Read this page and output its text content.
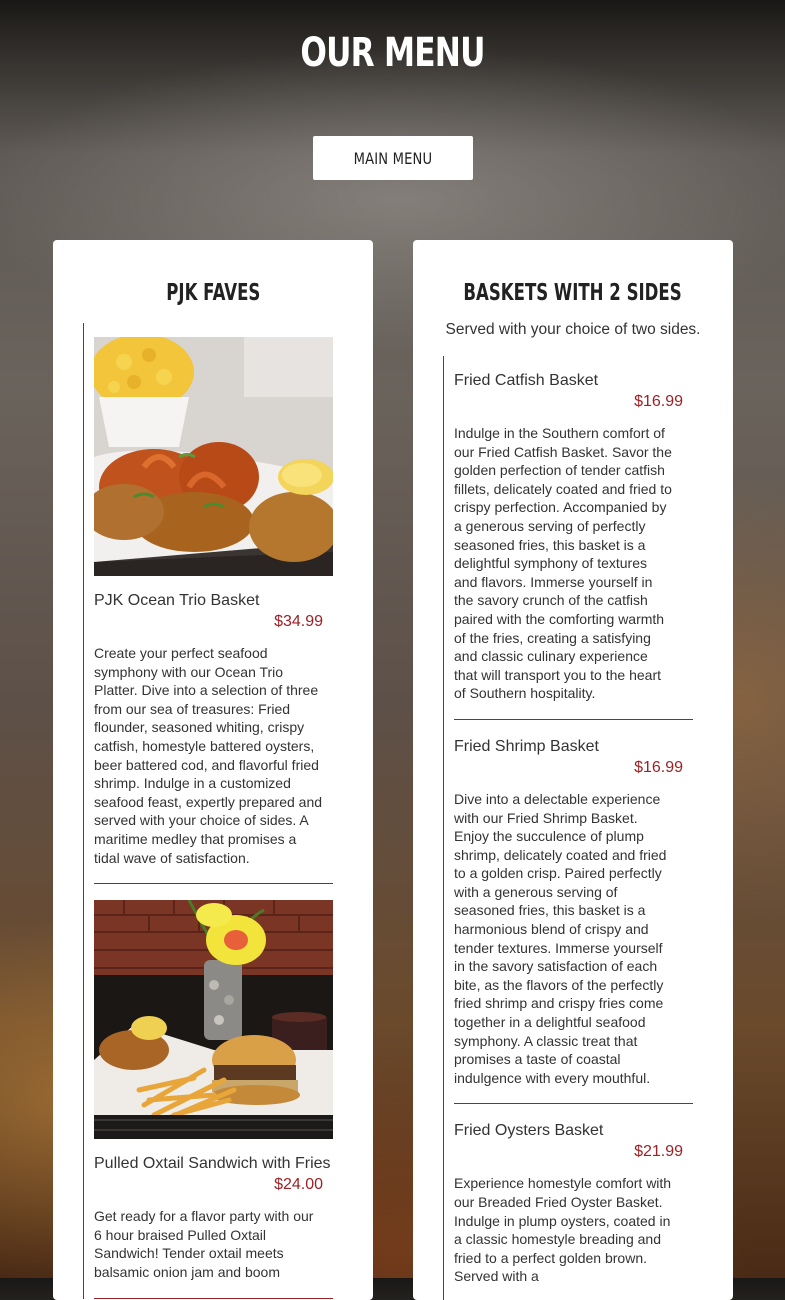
OUR MENU
MAIN MENU
PJK FAVES

PJK Ocean Trio Basket

$34.99

Create your perfect seafood symphony with our Ocean Trio Platter. Dive into a selection of three from our sea of treasures: Fried flounder, seasoned whiting, crispy catfish, homestyle battered oysters, beer battered cod, and flavorful fried shrimp. Indulge in a customized seafood feast, expertly prepared and served with your choice of sides. A maritime medley that promises a tidal wave of satisfaction.

Pulled Oxtail Sandwich with Fries

$24.00

Get ready for a flavor party with our 6 hour braised Pulled Oxtail Sandwich! Tender oxtail meets balsamic onion jam and boom

BASKETS WITH 2 SIDES

Served with your choice of two sides.

Fried Catfish Basket

$16.99

Indulge in the Southern comfort of our Fried Catfish Basket. Savor the golden perfection of tender catfish fillets, delicately coated and fried to crispy perfection. Accompanied by a generous serving of perfectly seasoned fries, this basket is a delightful symphony of textures and flavors. Immerse yourself in the savory crunch of the catfish paired with the comforting warmth of the fries, creating a satisfying and classic culinary experience that will transport you to the heart of Southern hospitality.

Fried Shrimp Basket

$16.99

Dive into a delectable experience with our Fried Shrimp Basket. Enjoy the succulence of plump shrimp, delicately coated and fried to a golden crisp. Paired perfectly with a generous serving of seasoned fries, this basket is a harmonious blend of crispy and tender textures. Immerse yourself in the savory satisfaction of each bite, as the flavors of the perfectly fried shrimp and crispy fries come together in a delightful seafood symphony. A classic treat that promises a taste of coastal indulgence with every mouthful.

Fried Oysters Basket

$21.99

Experience homestyle comfort with our Breaded Fried Oyster Basket. Indulge in plump oysters, coated in a classic homestyle breading and fried to a perfect golden brown. Served with a
